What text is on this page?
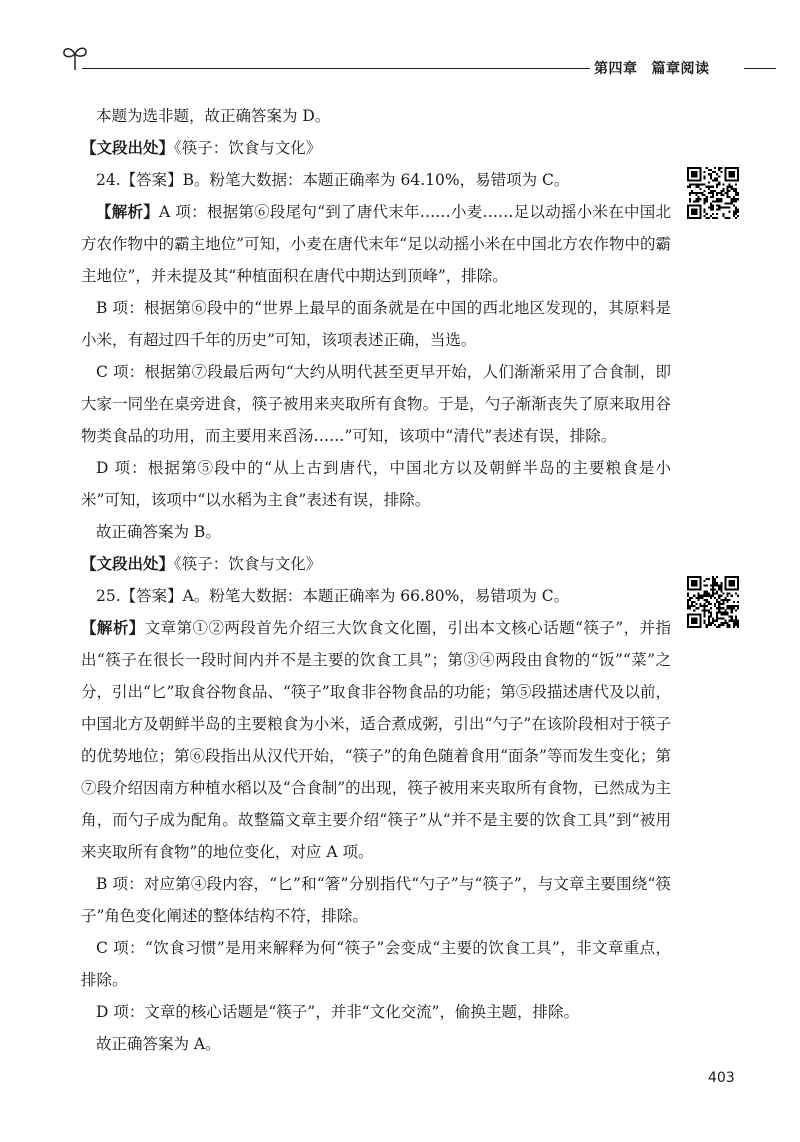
第四章 篇章阅读

本题为选非题，故正确答案为 D。

【文段出处】《筷子：饮食与文化》

24.【答案】B。粉笔大数据：本题正确率为 64.10%，易错项为 C。

【解析】A 项：根据第⑥段尾句“到了唐代末年……小麦……足以动摇小米在中国北方农作物中的霸主地位”可知，小麦在唐代末年“足以动摇小米在中国北方农作物中的霸主地位”，并未提及其“种植面积在唐代中期达到顶峰”，排除。

B 项：根据第⑥段中的“世界上最早的面条就是在中国的西北地区发现的，其原料是小米，有超过四千年的历史”可知，该项表述正确，当选。

C 项：根据第⑦段最后两句“大约从明代甚至更早开始，人们渐渐采用了合食制，即大家一同坐在桌旁进食，筷子被用来夹取所有食物。于是，勺子渐渐丧失了原来取用谷物类食品的功用，而主要用来舀汤……”可知，该项中“清代”表述有误，排除。

D 项：根据第⑤段中的“从上古到唐代，中国北方以及朝鲜半岛的主要粮食是小米”可知，该项中“以水稻为主食”表述有误，排除。

故正确答案为 B。

【文段出处】《筷子：饮食与文化》

25.【答案】A。粉笔大数据：本题正确率为 66.80%，易错项为 C。

【解析】文章第①②两段首先介绍三大饮食文化圈，引出本文核心话题“筷子”，并指出“筷子在很长一段时间内并不是主要的饮食工具”；第③④两段由食物的“饭”“菜”之分，引出“匕”取食谷物食品、“筷子”取食非谷物食品的功能；第⑤段描述唐代及以前，中国北方及朝鲜半岛的主要粮食为小米，适合煮成粥，引出“勺子”在该阶段相对于筷子的优势地位；第⑥段指出从汉代开始，“筷子”的角色随着食用“面条”等而发生变化；第⑦段介绍因南方种植水稻以及“合食制”的出现，筷子被用来夹取所有食物，已然成为主角，而勺子成为配角。故整篇文章主要介绍“筷子”从“并不是主要的饮食工具”到“被用来夹取所有食物”的地位变化，对应 A 项。

B 项：对应第④段内容，“匕”和“箸”分别指代“勺子”与“筷子”，与文章主要围绕“筷子”角色变化阐述的整体结构不符，排除。

C 项：“饮食习惯”是用来解释为何“筷子”会变成“主要的饮食工具”，非文章重点，排除。

D 项：文章的核心话题是“筷子”，并非“文化交流”，偷换主题，排除。

故正确答案为 A。

403
